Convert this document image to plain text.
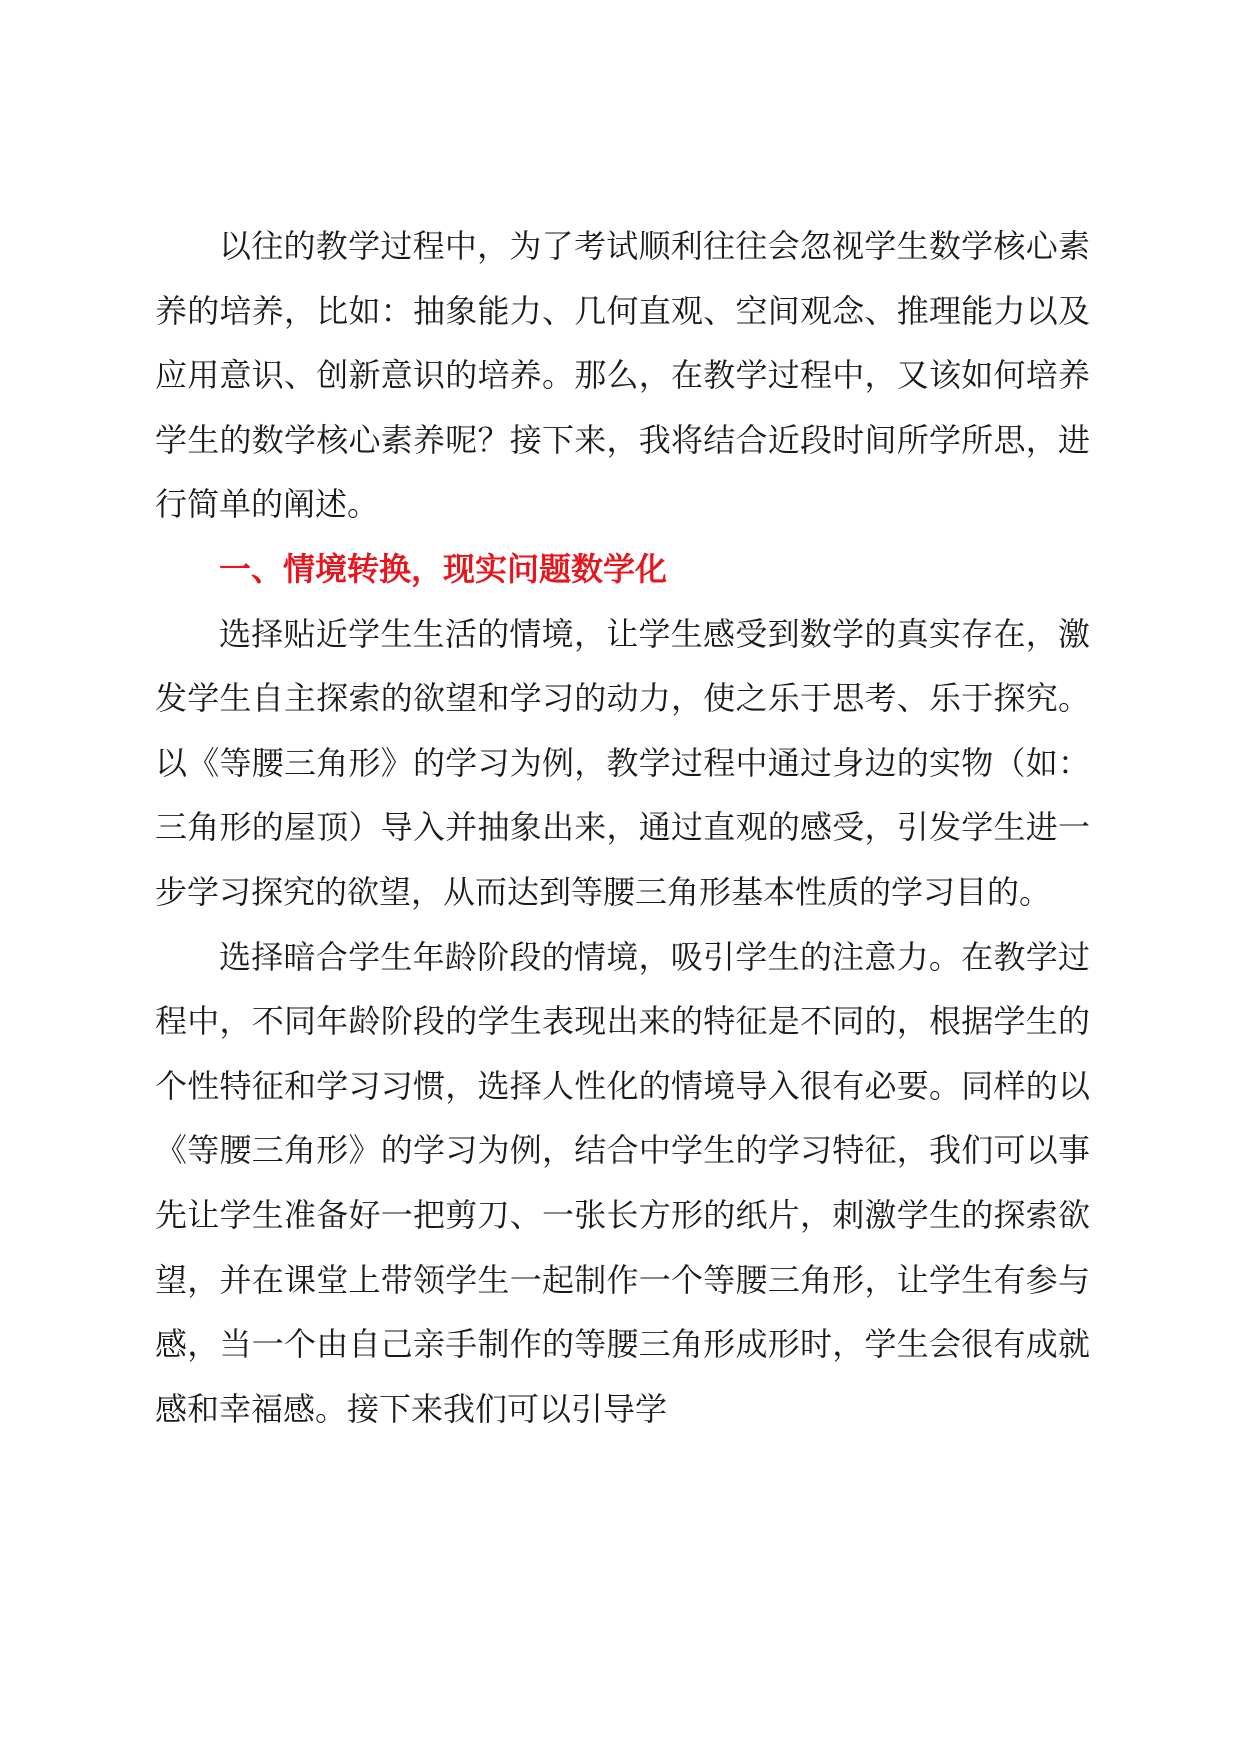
以往的教学过程中，为了考试顺利往往会忽视学生数学核心素养的培养，比如：抽象能力、几何直观、空间观念、推理能力以及应用意识、创新意识的培养。那么，在教学过程中，又该如何培养学生的数学核心素养呢？接下来，我将结合近段时间所学所思，进行简单的阐述。

一、情境转换，现实问题数学化

选择贴近学生生活的情境，让学生感受到数学的真实存在，激发学生自主探索的欲望和学习的动力，使之乐于思考、乐于探究。以《等腰三角形》的学习为例，教学过程中通过身边的实物（如：三角形的屋顶）导入并抽象出来，通过直观的感受，引发学生进一步学习探究的欲望，从而达到等腰三角形基本性质的学习目的。

选择暗合学生年龄阶段的情境，吸引学生的注意力。在教学过程中，不同年龄阶段的学生表现出来的特征是不同的，根据学生的个性特征和学习习惯，选择人性化的情境导入很有必要。同样的以《等腰三角形》的学习为例，结合中学生的学习特征，我们可以事先让学生准备好一把剪刀、一张长方形的纸片，刺激学生的探索欲望，并在课堂上带领学生一起制作一个等腰三角形，让学生有参与感，当一个由自己亲手制作的等腰三角形成形时，学生会很有成就感和幸福感。接下来我们可以引导学
